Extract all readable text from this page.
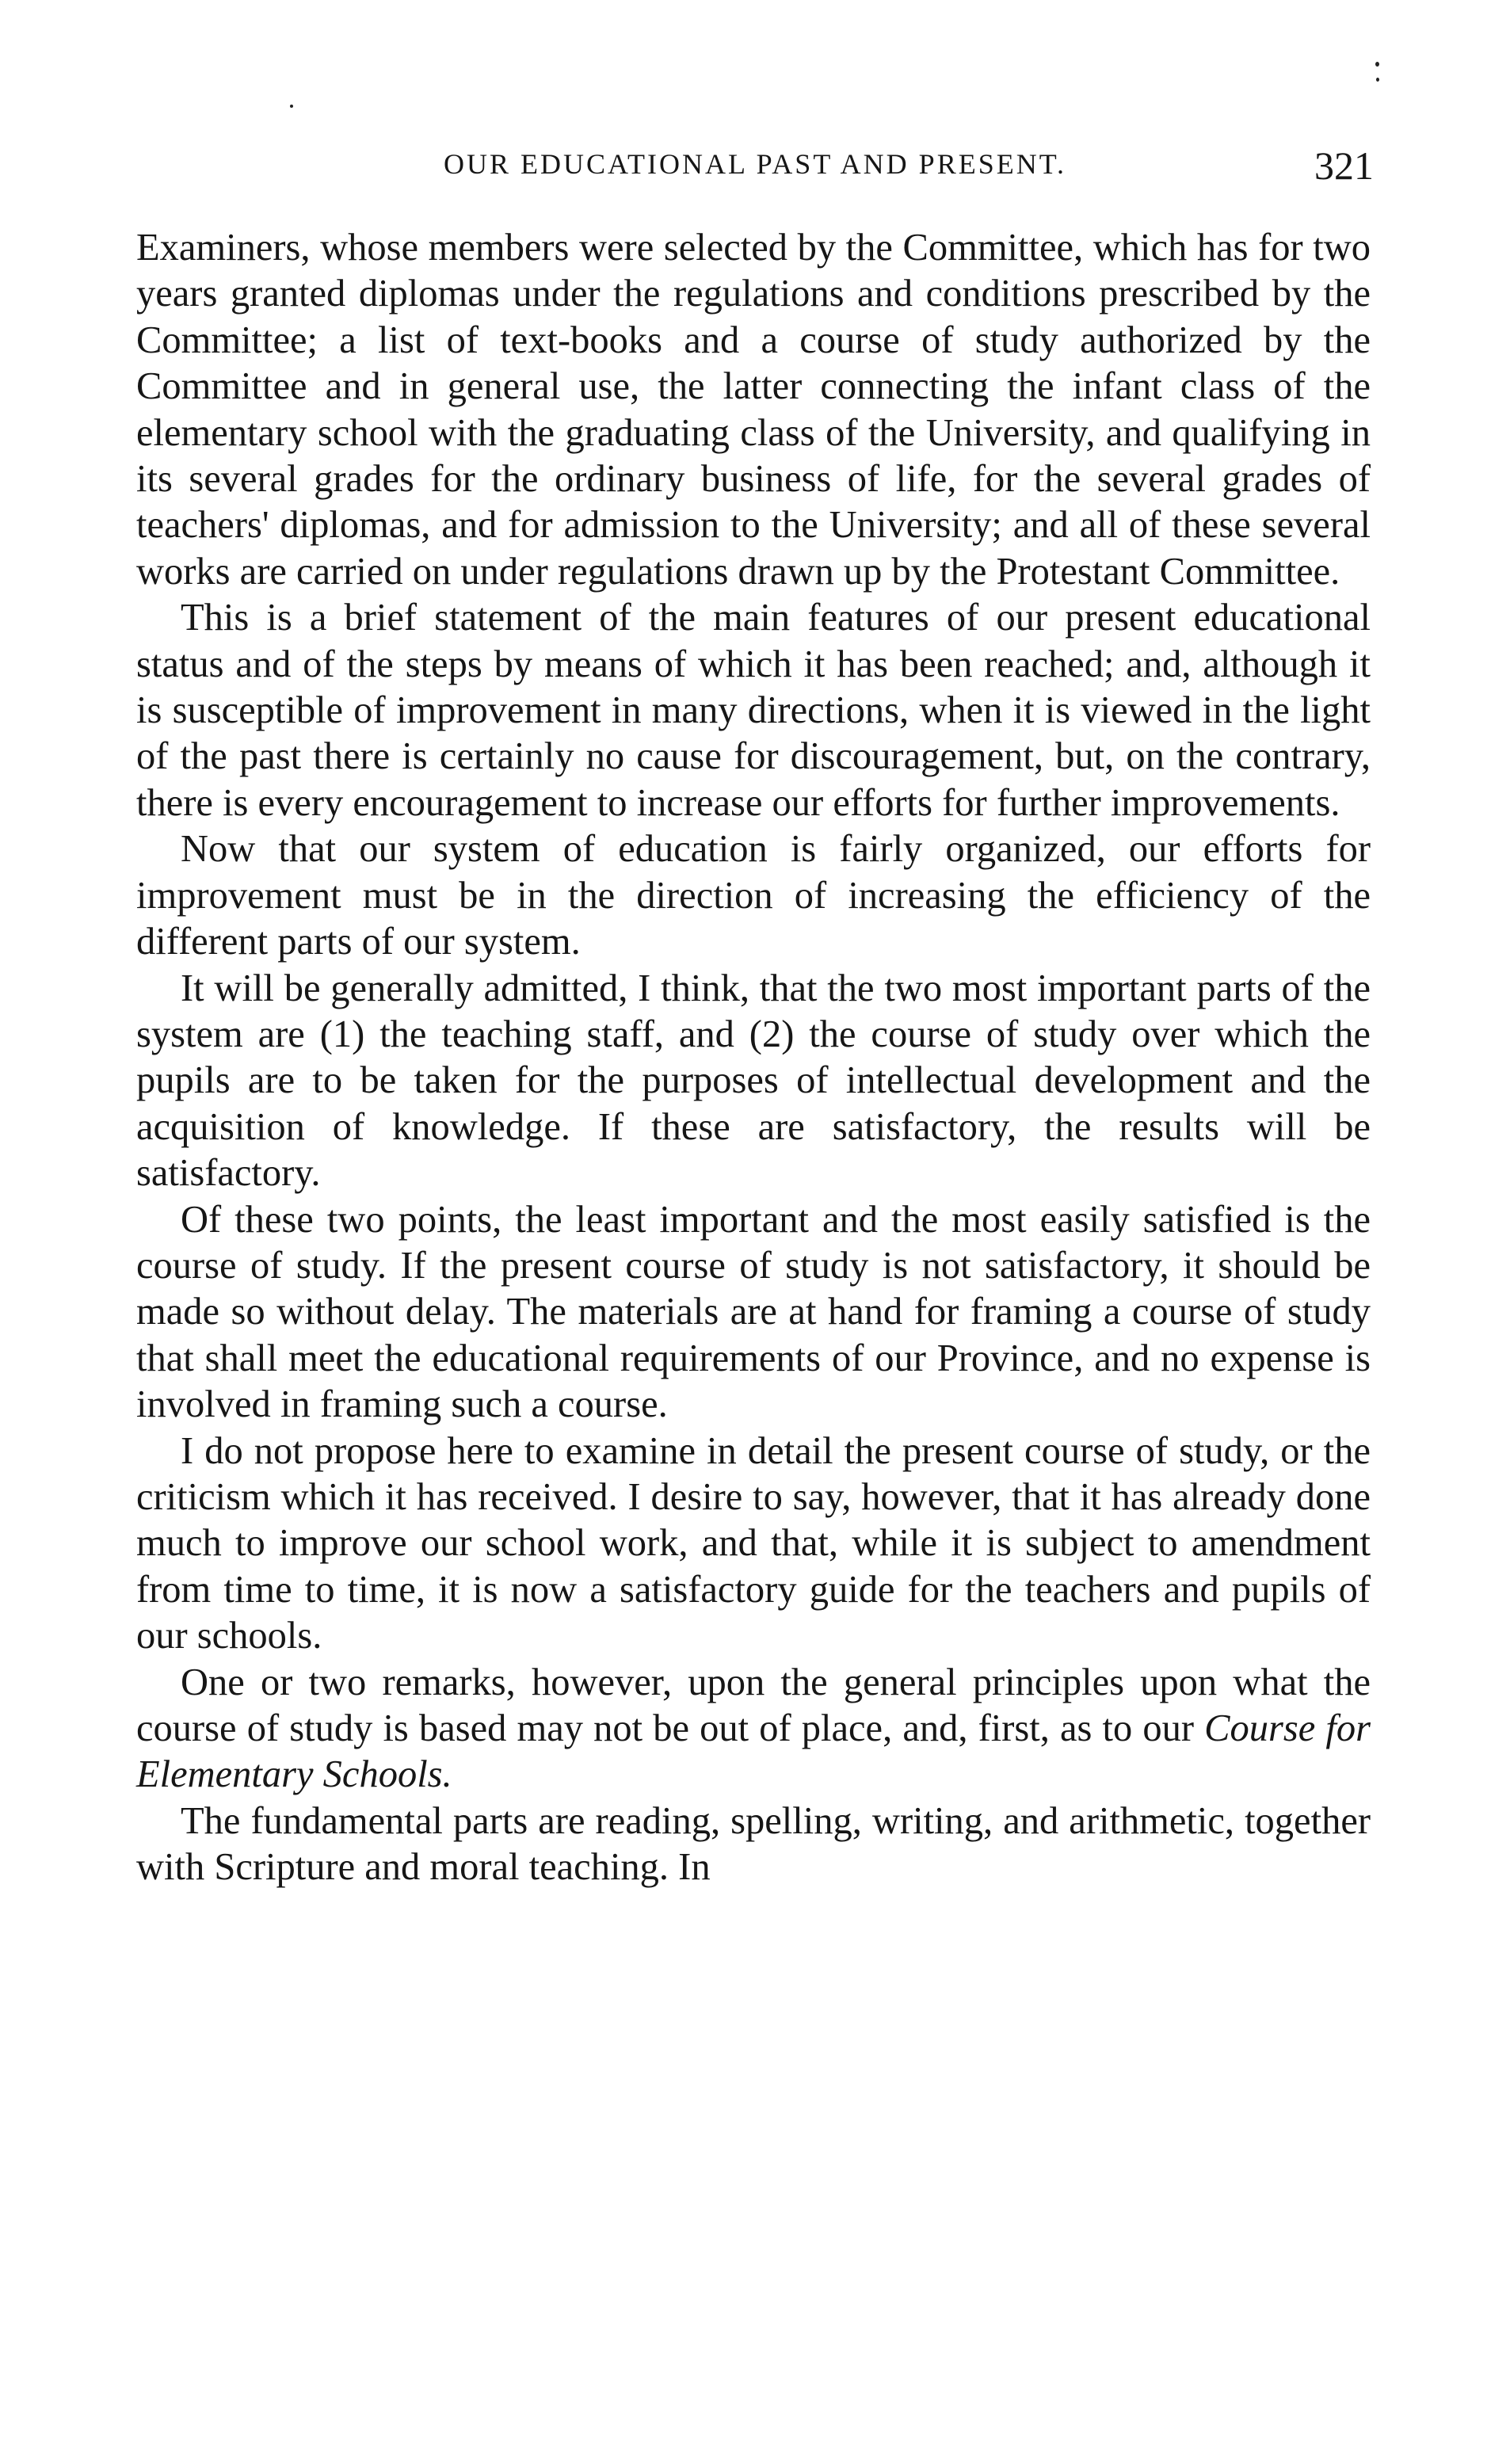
OUR EDUCATIONAL PAST AND PRESENT.	321

Examiners, whose members were selected by the Committee, which has for two years granted diplomas under the regulations and conditions prescribed by the Committee; a list of text-books and a course of study authorized by the Committee and in general use, the latter connecting the infant class of the elementary school with the graduating class of the University, and qualifying in its several grades for the ordinary business of life, for the several grades of teachers' diplomas, and for admission to the University; and all of these several works are carried on under regulations drawn up by the Protestant Committee.

This is a brief statement of the main features of our present educational status and of the steps by means of which it has been reached; and, although it is susceptible of improvement in many directions, when it is viewed in the light of the past there is certainly no cause for discouragement, but, on the contrary, there is every encouragement to increase our efforts for further improvements.

Now that our system of education is fairly organized, our efforts for improvement must be in the direction of increasing the efficiency of the different parts of our system.

It will be generally admitted, I think, that the two most important parts of the system are (1) the teaching staff, and (2) the course of study over which the pupils are to be taken for the purposes of intellectual development and the acquisition of knowledge. If these are satisfactory, the results will be satisfactory.

Of these two points, the least important and the most easily satisfied is the course of study. If the present course of study is not satisfactory, it should be made so without delay. The materials are at hand for framing a course of study that shall meet the educational requirements of our Province, and no expense is involved in framing such a course.

I do not propose here to examine in detail the present course of study, or the criticism which it has received. I desire to say, however, that it has already done much to improve our school work, and that, while it is subject to amendment from time to time, it is now a satisfactory guide for the teachers and pupils of our schools.

One or two remarks, however, upon the general principles upon what the course of study is based may not be out of place, and, first, as to our Course for Elementary Schools.

The fundamental parts are reading, spelling, writing, and arithmetic, together with Scripture and moral teaching. In
